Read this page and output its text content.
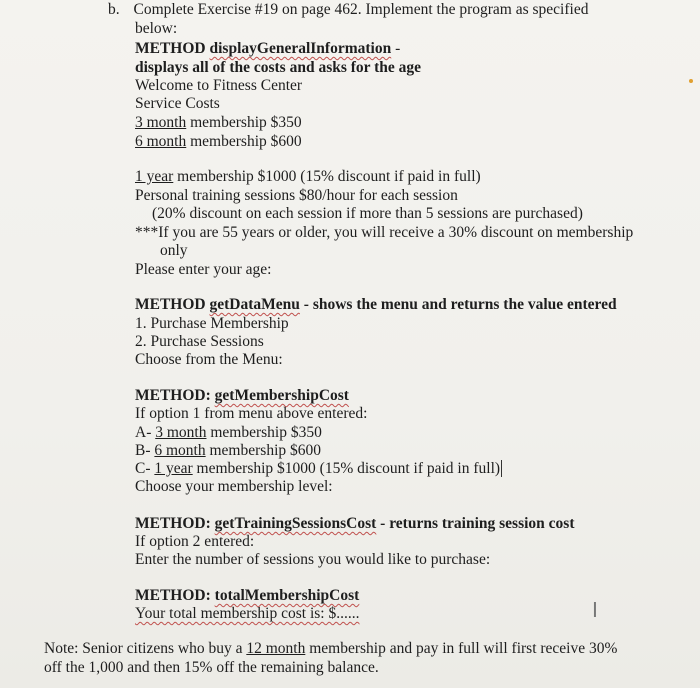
b. Complete Exercise #19 on page 462. Implement the program as specified
below:
METHOD displayGeneralInformation -
displays all of the costs and asks for the age
Welcome to Fitness Center
Service Costs
3 month membership $350
6 month membership $600
1 year membership $1000 (15% discount if paid in full)
Personal training sessions $80/hour for each session
(20% discount on each session if more than 5 sessions are purchased)
***If you are 55 years or older, you will receive a 30% discount on membership
only
Please enter your age:
METHOD getDataMenu - shows the menu and returns the value entered
1. Purchase Membership
2. Purchase Sessions
Choose from the Menu:
METHOD: getMembershipCost
If option 1 from menu above entered:
A- 3 month membership $350
B- 6 month membership $600
C- 1 year membership $1000 (15% discount if paid in full)
Choose your membership level:
METHOD: getTrainingSessionsCost - returns training session cost
If option 2 entered:
Enter the number of sessions you would like to purchase:
METHOD: totalMembershipCost
Your total membership cost is: $......	I
Note: Senior citizens who buy a 12 month membership and pay in full will first receive 30%
off the 1,000 and then 15% off the remaining balance.
